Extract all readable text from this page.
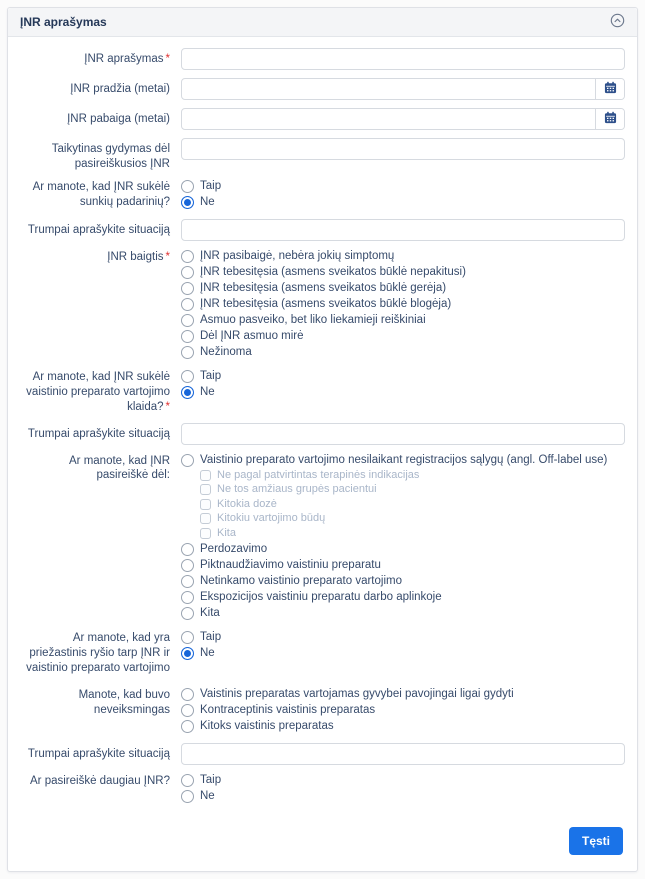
ĮNR aprašymas
ĮNR aprašymas *
ĮNR pradžia (metai)
ĮNR pabaiga (metai)
Taikytinas gydymas dėl pasireiškusios ĮNR
Ar manote, kad ĮNR sukėlė sunkių padarinių?
Taip
Ne
Trumpai aprašykite situaciją
ĮNR baigtis *	ĮNR pasibaigė, nebėra jokių simptomų
ĮNR tebesitęsia (asmens sveikatos būklė nepakitusi)
ĮNR tebesitęsia (asmens sveikatos būklė gerėja)
ĮNR tebesitęsia (asmens sveikatos būklė blogėja)
Asmuo pasveiko, bet liko liekamieji reiškiniai
Dėl ĮNR asmuo mirė
Nežinoma
Ar manote, kad ĮNR sukėlė vaistinio preparato vartojimo klaida? *
Taip
Ne
Trumpai aprašykite situaciją
Ar manote, kad ĮNR pasireiškė dėl:
Vaistinio preparato vartojimo nesilaikant registracijos sąlygų (angl. Off-label use)
Ne pagal patvirtintas terapinės indikacijas
Ne tos amžiaus grupės pacientui
Kitokia dozė
Kitokiu vartojimo būdų
Kita
Perdozavimo
Piktnaudžiavimo vaistiniu preparatu
Netinkamo vaistinio preparato vartojimo
Ekspozicijos vaistiniu preparatu darbo aplinkoje
Kita
Ar manote, kad yra priežastinis ryšio tarp ĮNR ir vaistinio preparato vartojimo
Taip
Ne
Manote, kad buvo neveiksmingas
Vaistinis preparatas vartojamas gyvybei pavojingai ligai gydyti
Kontraceptinis vaistinis preparatas
Kitoks vaistinis preparatas
Trumpai aprašykite situaciją
Ar pasireiškė daugiau ĮNR?	Taip
Ne
Tęsti
